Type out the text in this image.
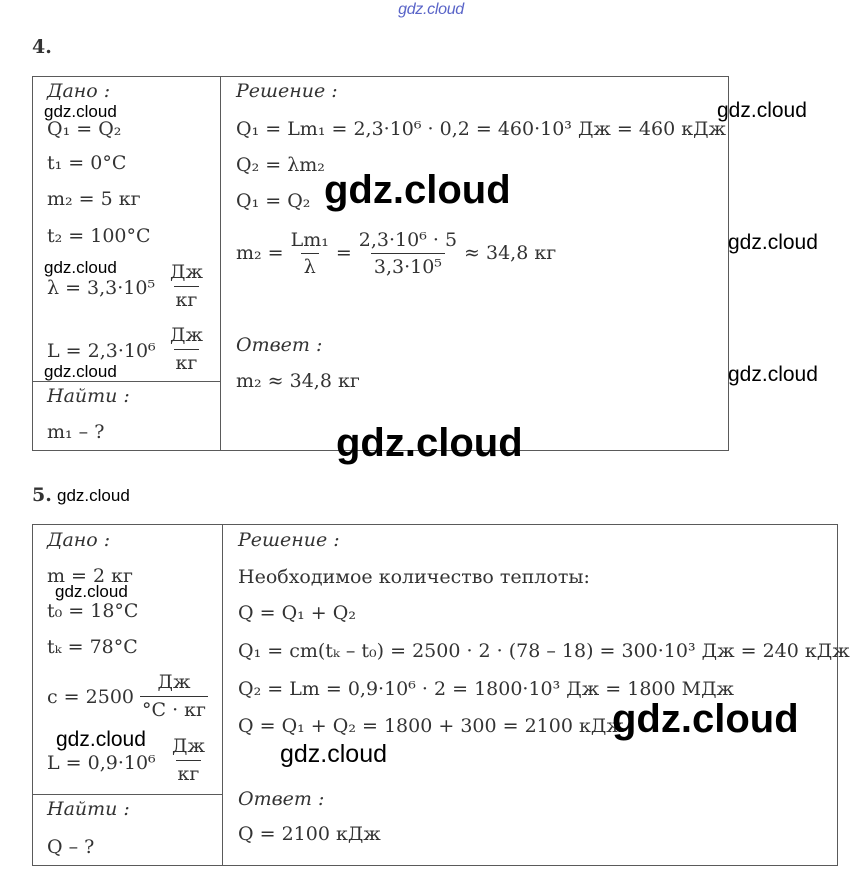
gdz.cloud
4.
Дано :
Q₁ = Q₂
t₁ = 0°C
m₂ = 5 кг
t₂ = 100°C
λ = 3,3·10⁵
Дж
кг
L = 2,3·10⁶
Дж
кг
Найти :
m₁ – ?
Решение :
Q₁ = Lm₁ = 2,3·10⁶ · 0,2 = 460·10³ Дж = 460 кДж
Q₂ = λm₂
Q₁ = Q₂
$m_2 = \frac{\text{Lm₁}}{\lambda} = \frac{\text{2,3·10⁶ · 5}}{\text{3,3·10⁵}} \approx 34,8$ кг
Ответ :
m₂ ≈ 34,8 кг
5.
Дано :
m = 2 кг
t₀ = 18°C
tₖ = 78°C
c = 2500
Дж
°C · кг
L = 0,9·10⁶
Дж
кг
Найти :
Q – ?
Решение :
Необходимое количество теплоты:
Q = Q₁ + Q₂
Q₁ = cm(tₖ – t₀) = 2500 · 2 · (78 – 18) = 300·10³ Дж = 240 кДж
Q₂ = Lm = 0,9·10⁶ · 2 = 1800·10³ Дж = 1800 МДж
Q = Q₁ + Q₂ = 1800 + 300 = 2100 кДж
Ответ :
Q = 2100 кДж
gdz.cloud	gdz.cloud
gdz.cloud
gdz.cloud
gdz.cloud
gdz.cloud	gdz.cloud
gdz.cloud
gdz.cloud
gdz.cloud
gdz.cloud
gdz.cloud
gdz.cloud
